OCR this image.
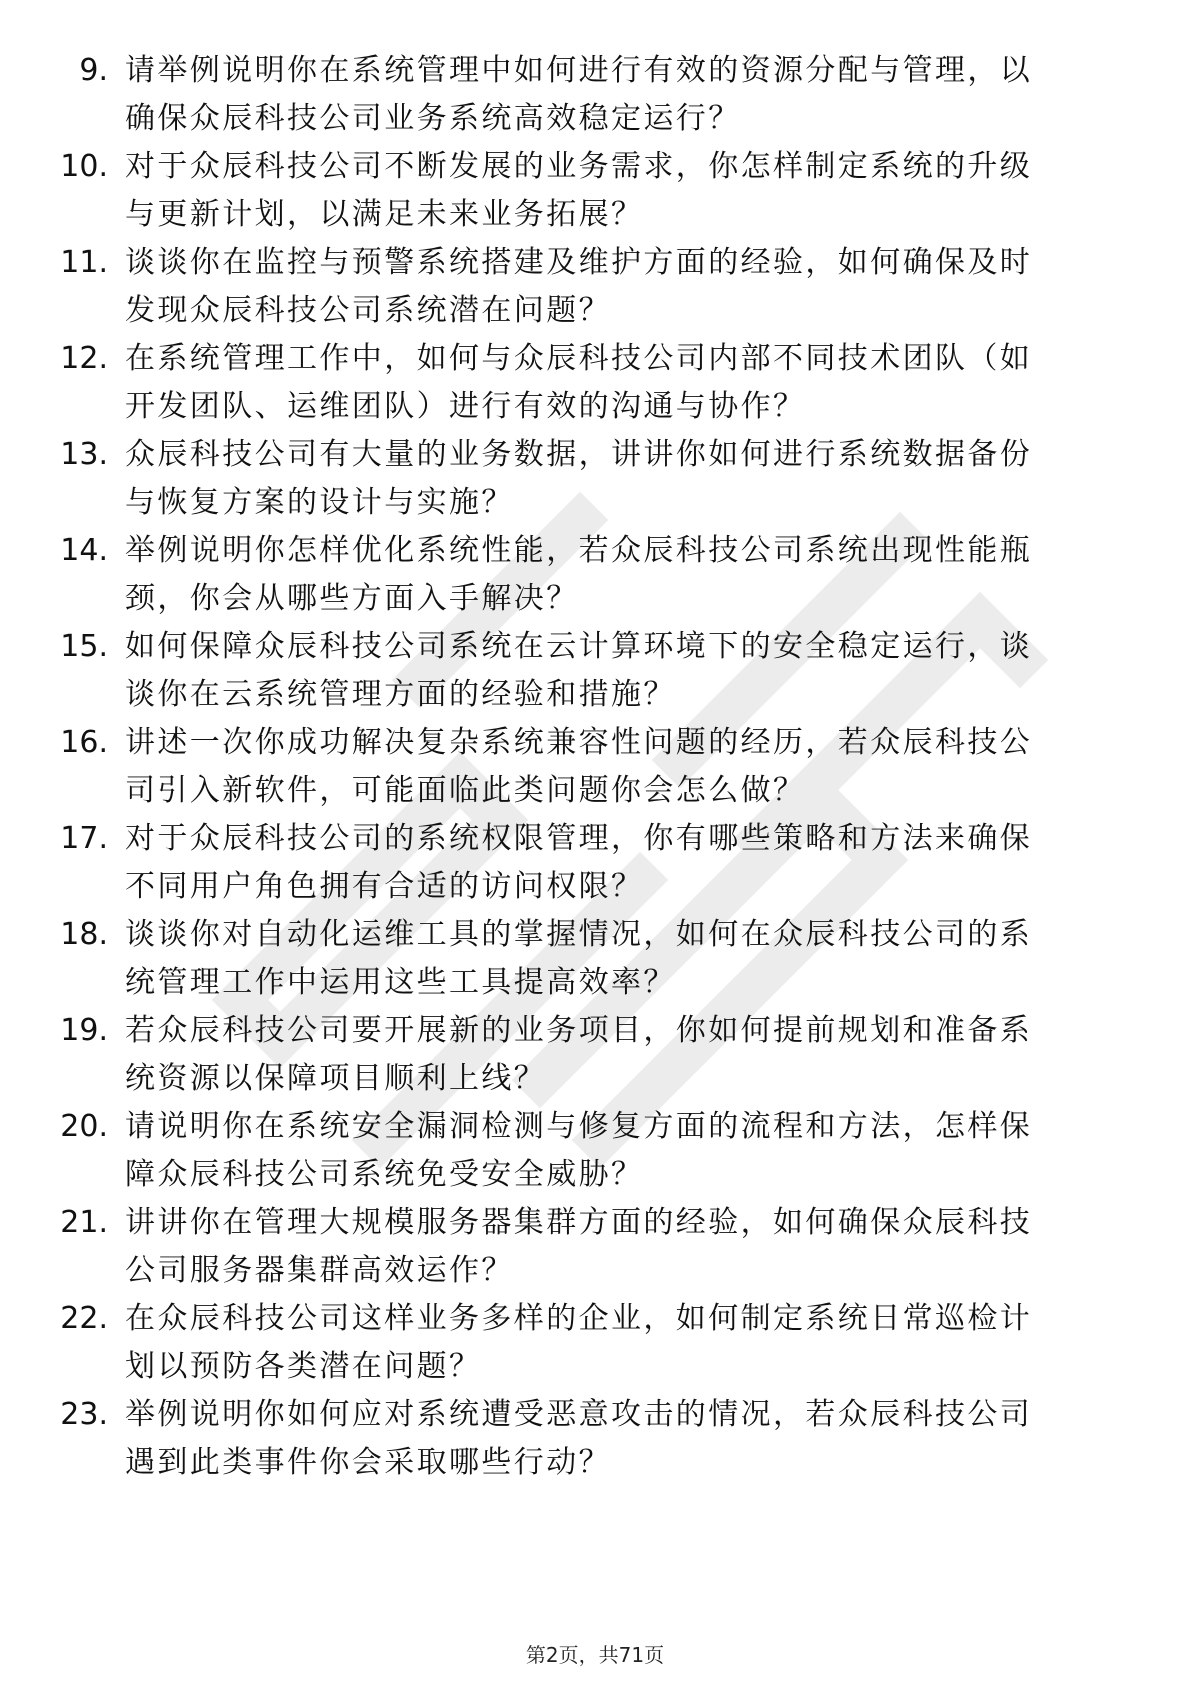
9. 请举例说明你在系统管理中如何进行有效的资源分配与管理，以
确保众辰科技公司业务系统高效稳定运行？
10. 对于众辰科技公司不断发展的业务需求，你怎样制定系统的升级
与更新计划，以满足未来业务拓展？
11. 谈谈你在监控与预警系统搭建及维护方面的经验，如何确保及时
发现众辰科技公司系统潜在问题？
12. 在系统管理工作中，如何与众辰科技公司内部不同技术团队（如
开发团队、运维团队）进行有效的沟通与协作？
13. 众辰科技公司有大量的业务数据，讲讲你如何进行系统数据备份
与恢复方案的设计与实施？
14. 举例说明你怎样优化系统性能，若众辰科技公司系统出现性能瓶
颈，你会从哪些方面入手解决？
15. 如何保障众辰科技公司系统在云计算环境下的安全稳定运行，谈
谈你在云系统管理方面的经验和措施？
16. 讲述一次你成功解决复杂系统兼容性问题的经历，若众辰科技公
司引入新软件，可能面临此类问题你会怎么做？
17. 对于众辰科技公司的系统权限管理，你有哪些策略和方法来确保
不同用户角色拥有合适的访问权限？
18. 谈谈你对自动化运维工具的掌握情况，如何在众辰科技公司的系
统管理工作中运用这些工具提高效率？
19. 若众辰科技公司要开展新的业务项目，你如何提前规划和准备系
统资源以保障项目顺利上线？
20. 请说明你在系统安全漏洞检测与修复方面的流程和方法，怎样保
障众辰科技公司系统免受安全威胁？
21. 讲讲你在管理大规模服务器集群方面的经验，如何确保众辰科技
公司服务器集群高效运作？
22. 在众辰科技公司这样业务多样的企业，如何制定系统日常巡检计
划以预防各类潜在问题？
23. 举例说明你如何应对系统遭受恶意攻击的情况，若众辰科技公司
遇到此类事件你会采取哪些行动？
第2页，共71页
